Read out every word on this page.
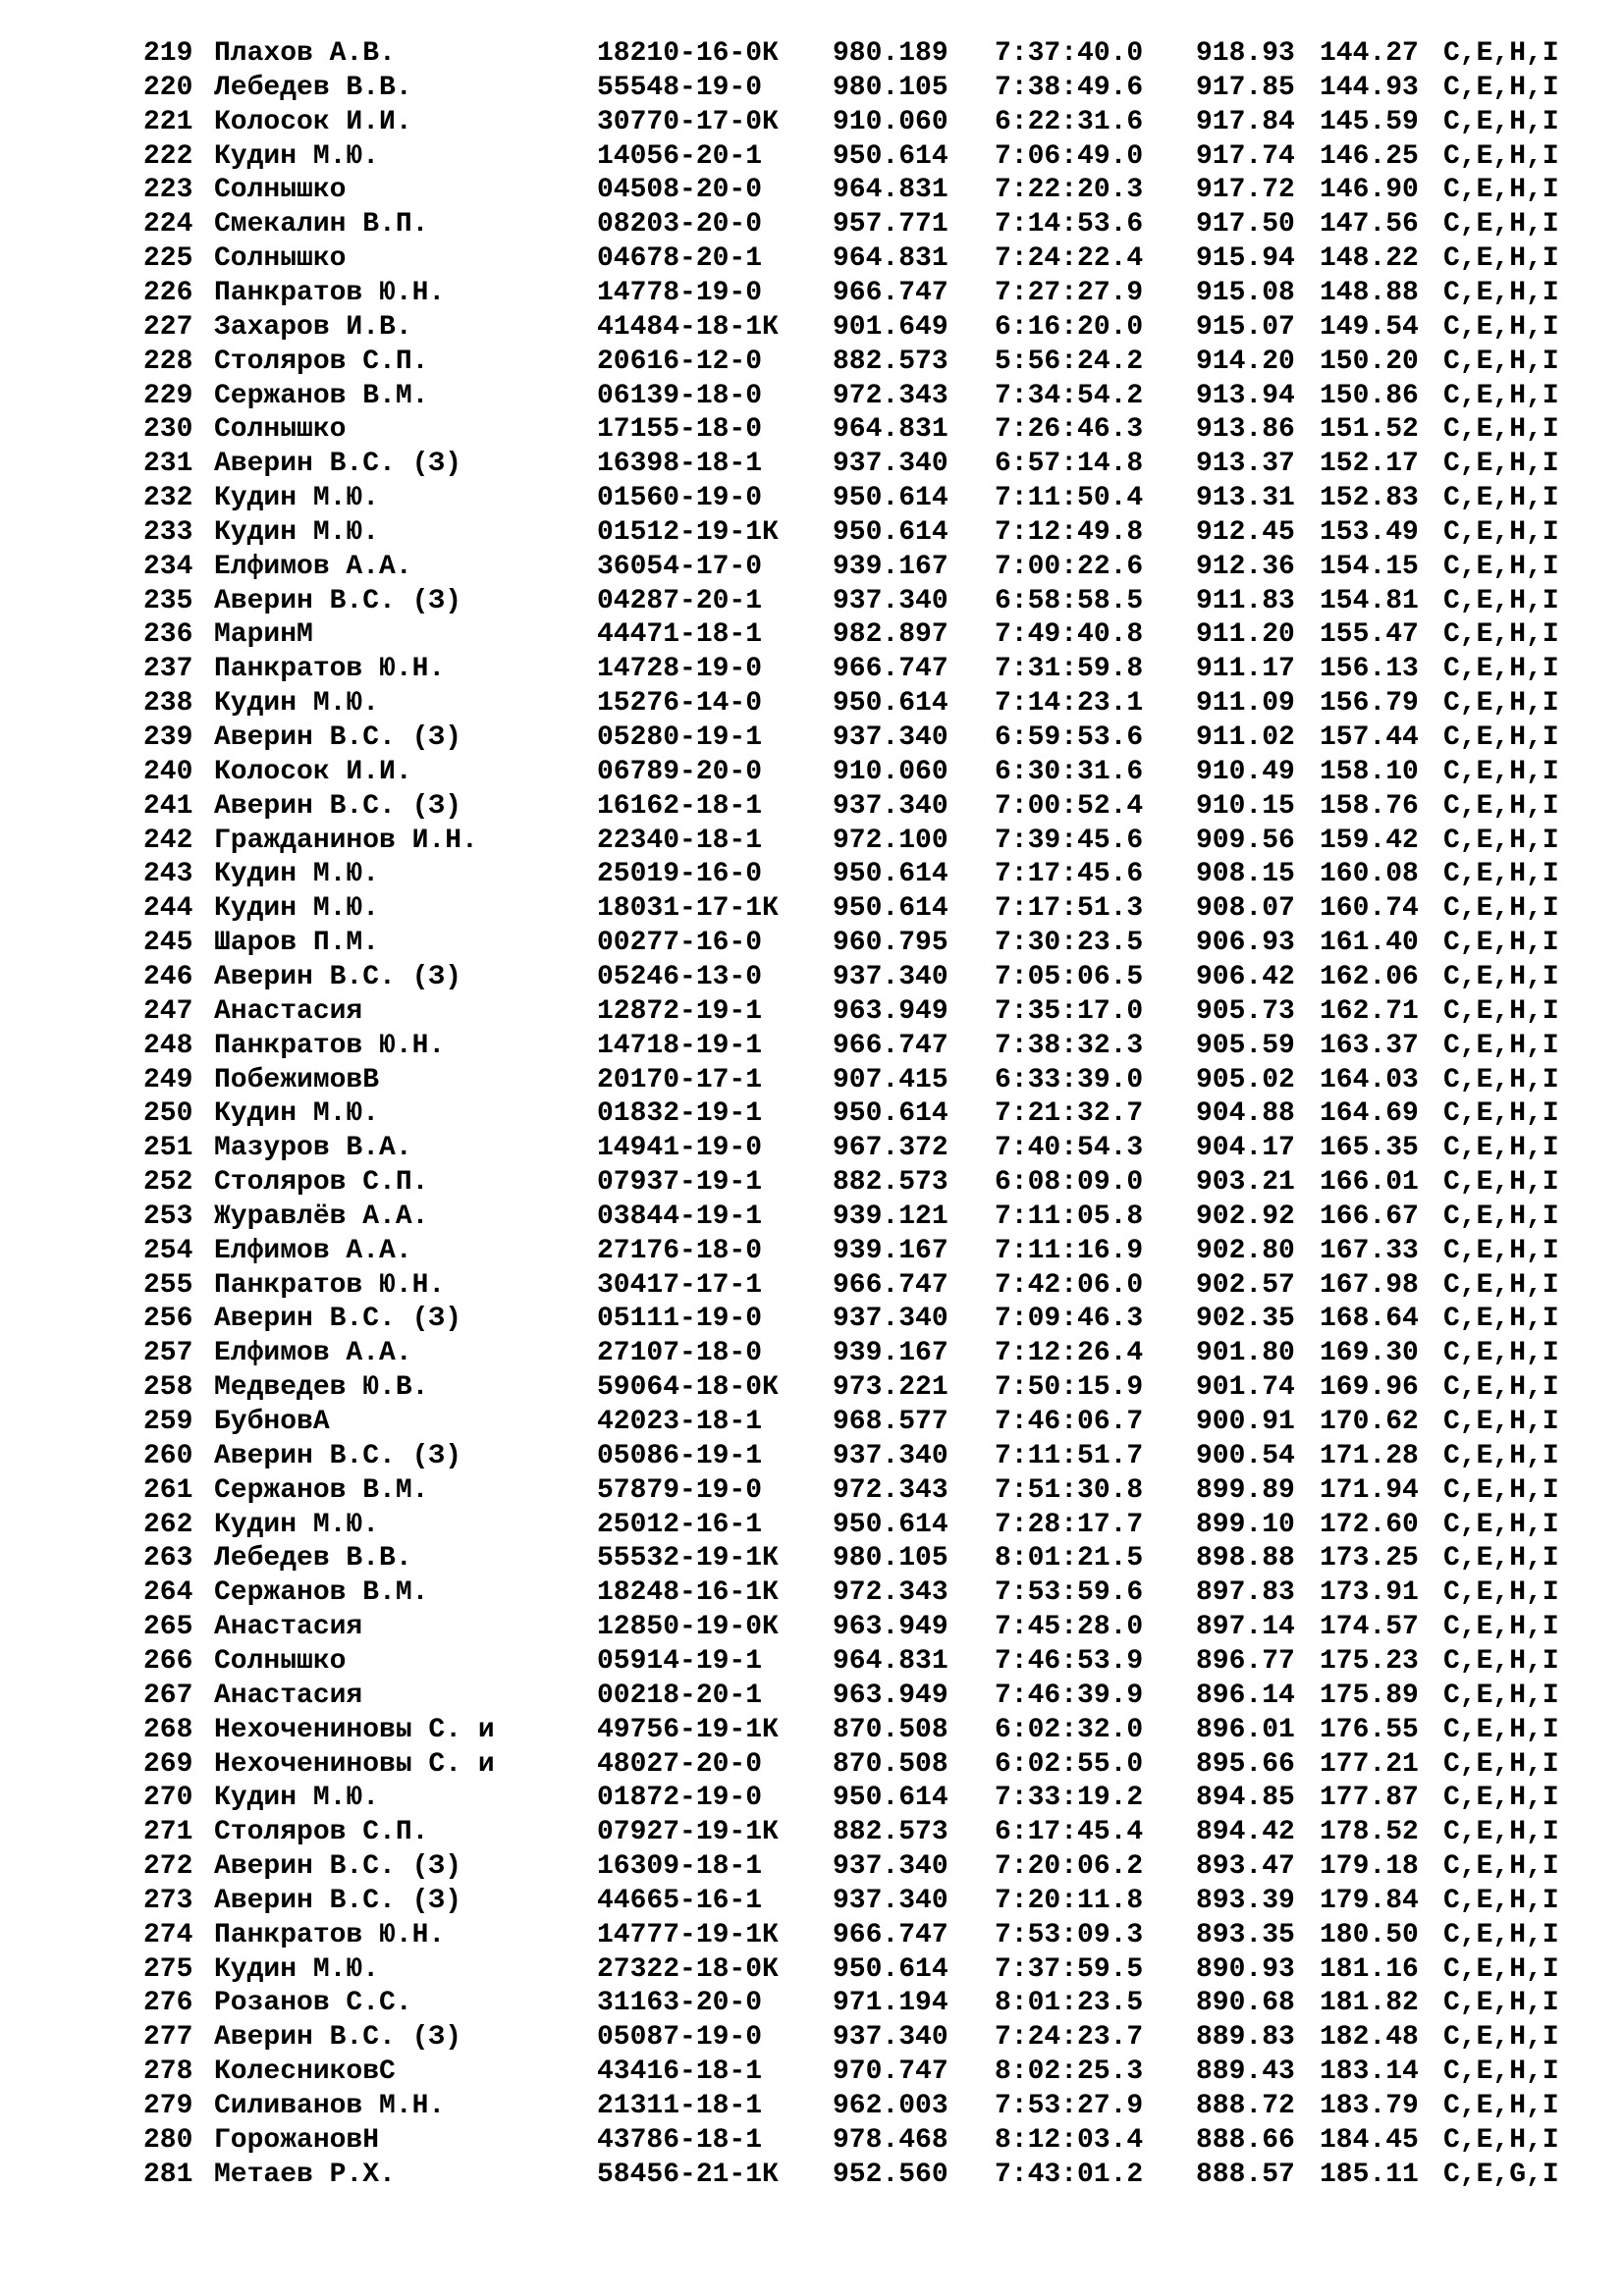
219 Плахов А.В.	18210-16-0К 980.189 7:37:40.0 918.93 144.27 C,E,H,I
220 Лебедев В.В.	55548-19-0	980.105 7:38:49.6 917.85 144.93 C,E,H,I
221 Колосок И.И.	30770-17-0К 910.060 6:22:31.6 917.84 145.59 C,E,H,I
222 Кудин М.Ю.	14056-20-1	950.614 7:06:49.0 917.74 146.25 C,E,H,I
223 Солнышко	04508-20-0	964.831 7:22:20.3 917.72 146.90 C,E,H,I
224 Смекалин В.П.	08203-20-0	957.771 7:14:53.6 917.50 147.56 C,E,H,I
225 Солнышко	04678-20-1	964.831 7:24:22.4 915.94 148.22 C,E,H,I
226 Панкратов Ю.Н.	14778-19-0	966.747 7:27:27.9 915.08 148.88 C,E,H,I
227 Захаров И.В.	41484-18-1К 901.649 6:16:20.0 915.07 149.54 C,E,H,I
228 Столяров С.П.	20616-12-0	882.573 5:56:24.2 914.20 150.20 C,E,H,I
229 Сержанов В.М.	06139-18-0	972.343 7:34:54.2 913.94 150.86 C,E,H,I
230 Солнышко	17155-18-0	964.831 7:26:46.3 913.86 151.52 C,E,H,I
231 Аверин В.С. (З)	16398-18-1	937.340 6:57:14.8 913.37 152.17 C,E,H,I
232 Кудин М.Ю.	01560-19-0	950.614 7:11:50.4 913.31 152.83 C,E,H,I
233 Кудин М.Ю.	01512-19-1К 950.614 7:12:49.8 912.45 153.49 C,E,H,I
234 Елфимов А.А.	36054-17-0	939.167 7:00:22.6 912.36 154.15 C,E,H,I
235 Аверин В.С. (З)	04287-20-1	937.340 6:58:58.5 911.83 154.81 C,E,H,I
236 МаринМ	44471-18-1	982.897 7:49:40.8 911.20 155.47 C,E,H,I
237 Панкратов Ю.Н.	14728-19-0	966.747 7:31:59.8 911.17 156.13 C,E,H,I
238 Кудин М.Ю.	15276-14-0	950.614 7:14:23.1 911.09 156.79 C,E,H,I
239 Аверин В.С. (З)	05280-19-1	937.340 6:59:53.6 911.02 157.44 C,E,H,I
240 Колосок И.И.	06789-20-0	910.060 6:30:31.6 910.49 158.10 C,E,H,I
241 Аверин В.С. (З)	16162-18-1	937.340 7:00:52.4 910.15 158.76 C,E,H,I
242 Гражданинов И.Н.	22340-18-1	972.100 7:39:45.6 909.56 159.42 C,E,H,I
243 Кудин М.Ю.	25019-16-0	950.614 7:17:45.6 908.15 160.08 C,E,H,I
244 Кудин М.Ю.	18031-17-1К 950.614 7:17:51.3 908.07 160.74 C,E,H,I
245 Шаров П.М.	00277-16-0	960.795 7:30:23.5 906.93 161.40 C,E,H,I
246 Аверин В.С. (З)	05246-13-0	937.340 7:05:06.5 906.42 162.06 C,E,H,I
247 Анастасия	12872-19-1	963.949 7:35:17.0 905.73 162.71 C,E,H,I
248 Панкратов Ю.Н.	14718-19-1	966.747 7:38:32.3 905.59 163.37 C,E,H,I
249 ПобежимовВ	20170-17-1	907.415 6:33:39.0 905.02 164.03 C,E,H,I
250 Кудин М.Ю.	01832-19-1	950.614 7:21:32.7 904.88 164.69 C,E,H,I
251 Мазуров В.А.	14941-19-0	967.372 7:40:54.3 904.17 165.35 C,E,H,I
252 Столяров С.П.	07937-19-1	882.573 6:08:09.0 903.21 166.01 C,E,H,I
253 Журавлёв А.А.	03844-19-1	939.121 7:11:05.8 902.92 166.67 C,E,H,I
254 Елфимов А.А.	27176-18-0	939.167 7:11:16.9 902.80 167.33 C,E,H,I
255 Панкратов Ю.Н.	30417-17-1	966.747 7:42:06.0 902.57 167.98 C,E,H,I
256 Аверин В.С. (З)	05111-19-0	937.340 7:09:46.3 902.35 168.64 C,E,H,I
257 Елфимов А.А.	27107-18-0	939.167 7:12:26.4 901.80 169.30 C,E,H,I
258 Медведев Ю.В.	59064-18-0К 973.221 7:50:15.9 901.74 169.96 C,E,H,I
259 БубновА	42023-18-1	968.577 7:46:06.7 900.91 170.62 C,E,H,I
260 Аверин В.С. (З)	05086-19-1	937.340 7:11:51.7 900.54 171.28 C,E,H,I
261 Сержанов В.М.	57879-19-0	972.343 7:51:30.8 899.89 171.94 C,E,H,I
262 Кудин М.Ю.	25012-16-1	950.614 7:28:17.7 899.10 172.60 C,E,H,I
263 Лебедев В.В.	55532-19-1К 980.105 8:01:21.5 898.88 173.25 C,E,H,I
264 Сержанов В.М.	18248-16-1К 972.343 7:53:59.6 897.83 173.91 C,E,H,I
265 Анастасия	12850-19-0К 963.949 7:45:28.0 897.14 174.57 C,E,H,I
266 Солнышко	05914-19-1	964.831 7:46:53.9 896.77 175.23 C,E,H,I
267 Анастасия	00218-20-1	963.949 7:46:39.9 896.14 175.89 C,E,H,I
268 Нехочениновы С. и	49756-19-1К 870.508 6:02:32.0 896.01 176.55 C,E,H,I
269 Нехочениновы С. и	48027-20-0	870.508 6:02:55.0 895.66 177.21 C,E,H,I
270 Кудин М.Ю.	01872-19-0	950.614 7:33:19.2 894.85 177.87 C,E,H,I
271 Столяров С.П.	07927-19-1К 882.573 6:17:45.4 894.42 178.52 C,E,H,I
272 Аверин В.С. (З)	16309-18-1	937.340 7:20:06.2 893.47 179.18 C,E,H,I
273 Аверин В.С. (З)	44665-16-1	937.340 7:20:11.8 893.39 179.84 C,E,H,I
274 Панкратов Ю.Н.	14777-19-1К 966.747 7:53:09.3 893.35 180.50 C,E,H,I
275 Кудин М.Ю.	27322-18-0К 950.614 7:37:59.5 890.93 181.16 C,E,H,I
276 Розанов С.С.	31163-20-0	971.194 8:01:23.5 890.68 181.82 C,E,H,I
277 Аверин В.С. (З)	05087-19-0	937.340 7:24:23.7 889.83 182.48 C,E,H,I
278 КолесниковС	43416-18-1	970.747 8:02:25.3 889.43 183.14 C,E,H,I
279 Силиванов М.Н.	21311-18-1	962.003 7:53:27.9 888.72 183.79 C,E,H,I
280 ГорожановН	43786-18-1	978.468 8:12:03.4 888.66 184.45 C,E,H,I
281 Метаев Р.Х.	58456-21-1К 952.560 7:43:01.2 888.57 185.11 C,E,G,I
